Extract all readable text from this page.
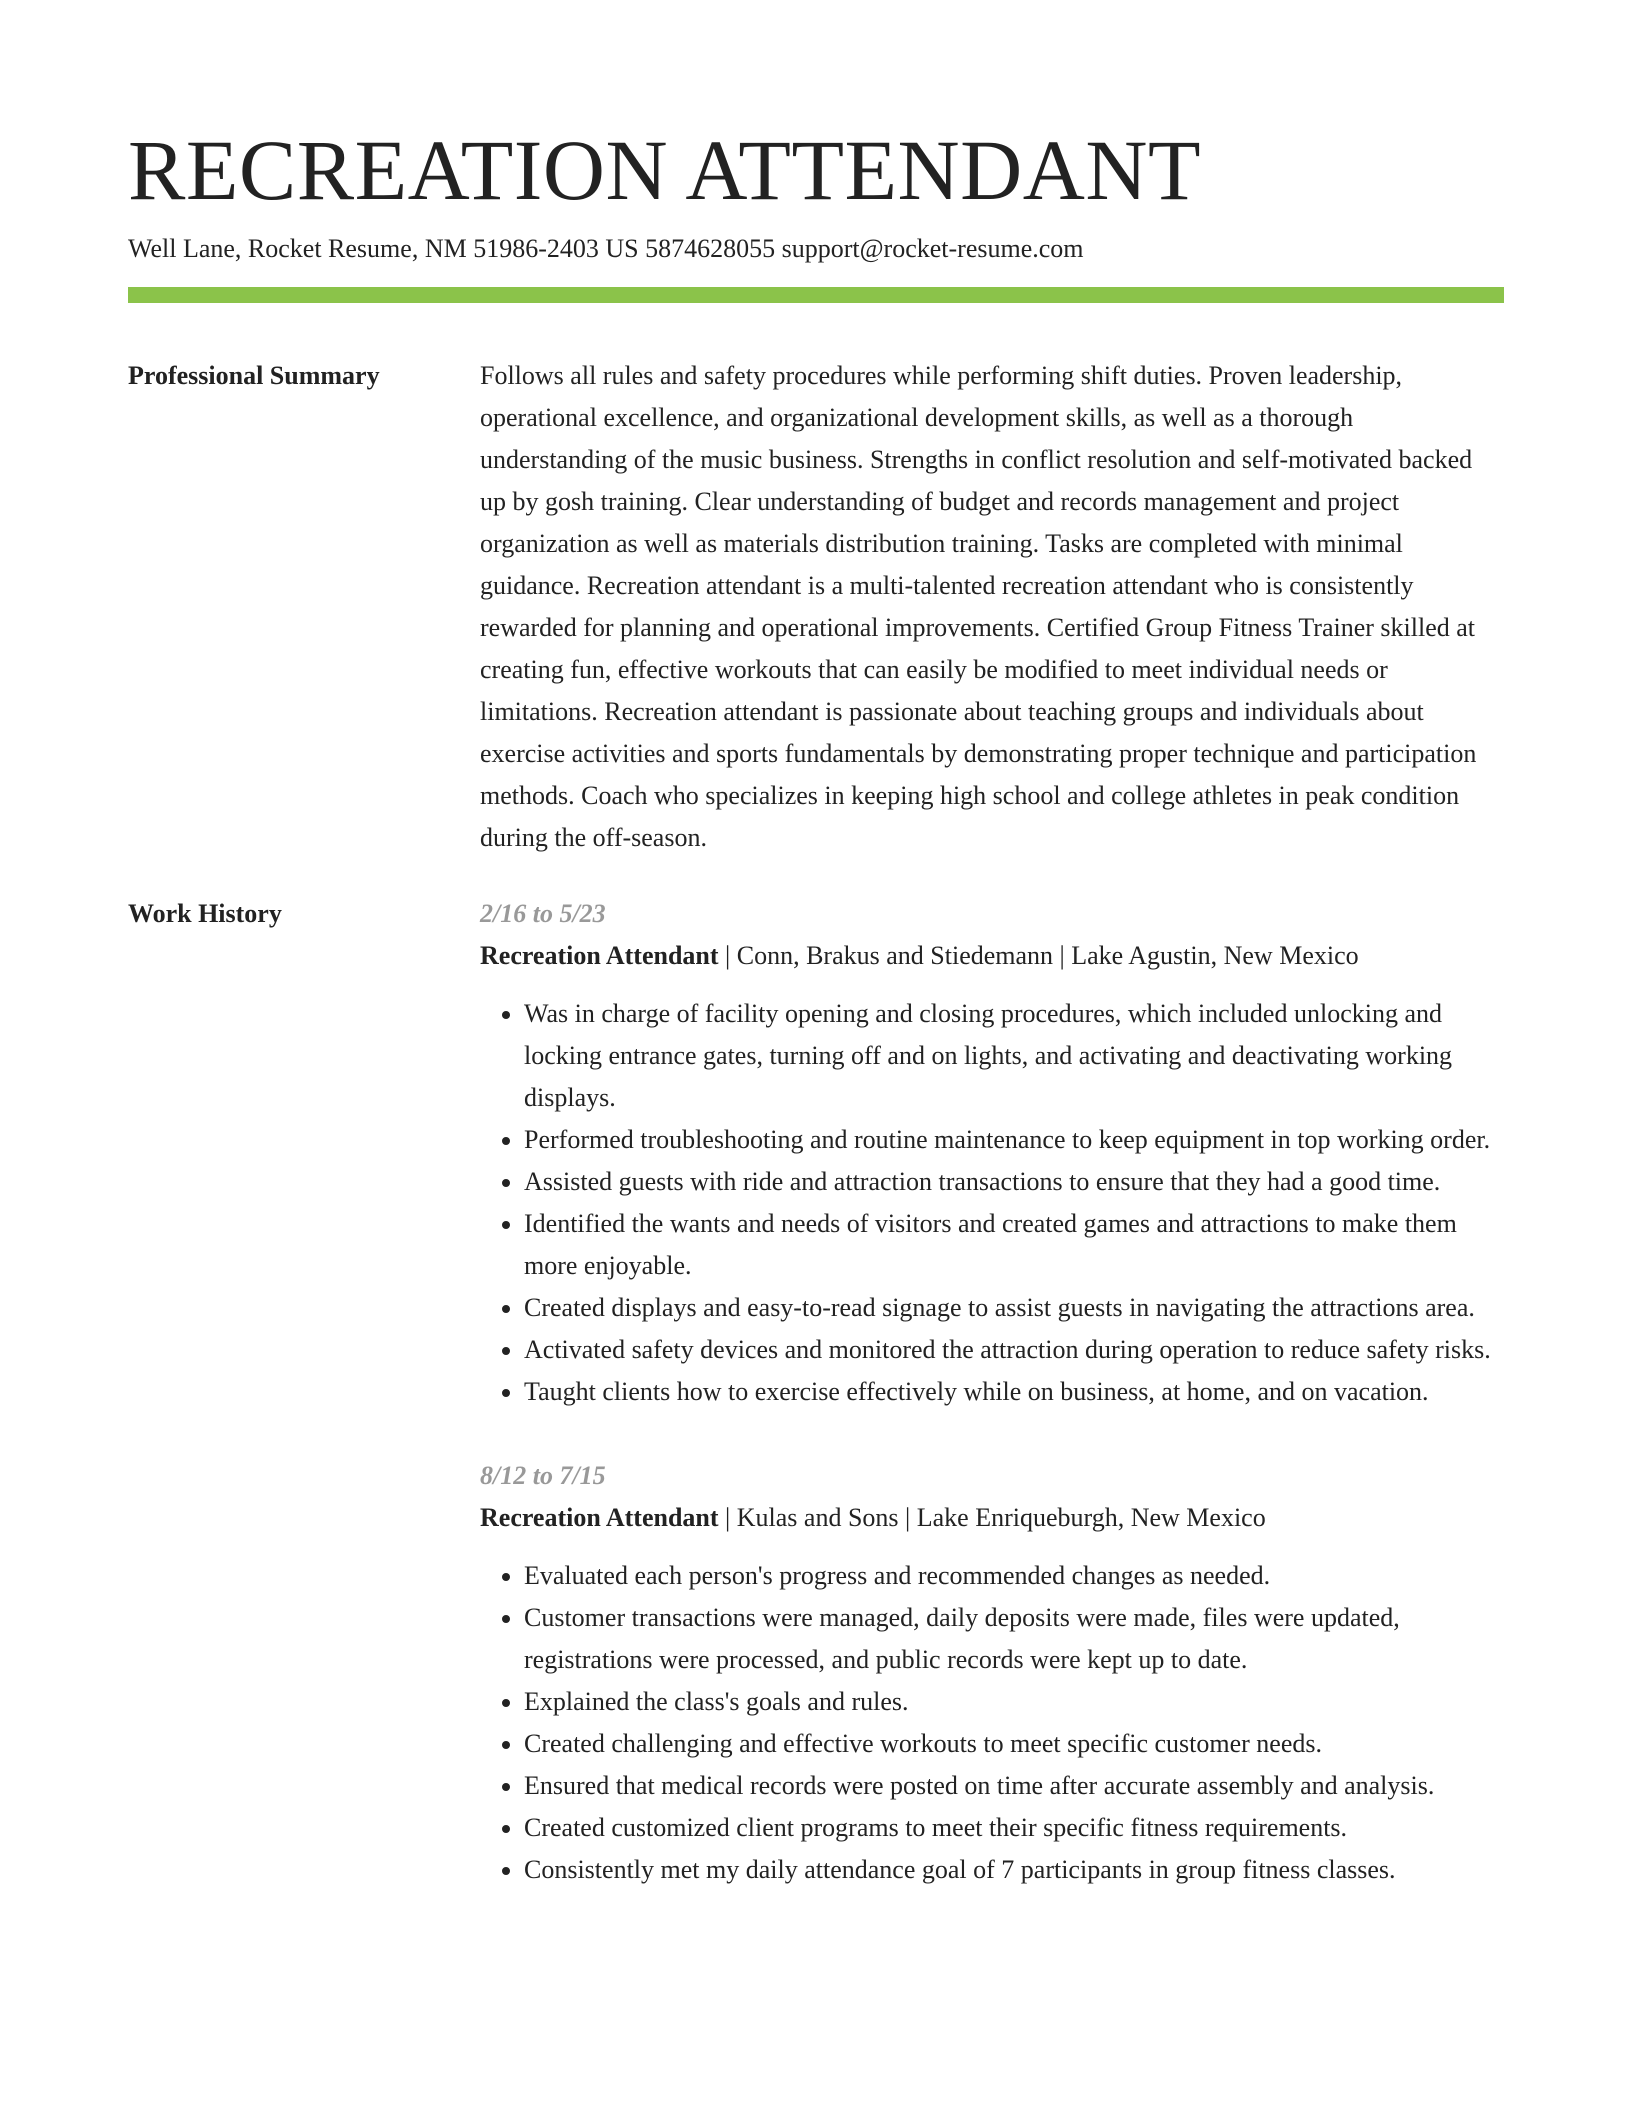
RECREATION ATTENDANT
Well Lane, Rocket Resume, NM 51986-2403 US 5874628055 support@rocket-resume.com
Professional Summary	Follows all rules and safety procedures while performing shift duties. Proven leadership, operational excellence, and organizational development skills, as well as a thorough understanding of the music business. Strengths in conflict resolution and self-motivated backed up by gosh training. Clear understanding of budget and records management and project organization as well as materials distribution training. Tasks are completed with minimal guidance. Recreation attendant is a multi-talented recreation attendant who is consistently rewarded for planning and operational improvements. Certified Group Fitness Trainer skilled at creating fun, effective workouts that can easily be modified to meet individual needs or limitations. Recreation attendant is passionate about teaching groups and individuals about exercise activities and sports fundamentals by demonstrating proper technique and participation methods. Coach who specializes in keeping high school and college athletes in peak condition during the off-season.

Work History	2/16 to 5/23
Recreation Attendant | Conn, Brakus and Stiedemann | Lake Agustin, New Mexico
• Was in charge of facility opening and closing procedures, which included unlocking and locking entrance gates, turning off and on lights, and activating and deactivating working displays.
• Performed troubleshooting and routine maintenance to keep equipment in top working order.
• Assisted guests with ride and attraction transactions to ensure that they had a good time.
• Identified the wants and needs of visitors and created games and attractions to make them more enjoyable.
• Created displays and easy-to-read signage to assist guests in navigating the attractions area.
• Activated safety devices and monitored the attraction during operation to reduce safety risks.
• Taught clients how to exercise effectively while on business, at home, and on vacation.
8/12 to 7/15
Recreation Attendant | Kulas and Sons | Lake Enriqueburgh, New Mexico
• Evaluated each person's progress and recommended changes as needed.
• Customer transactions were managed, daily deposits were made, files were updated, registrations were processed, and public records were kept up to date.
• Explained the class's goals and rules.
• Created challenging and effective workouts to meet specific customer needs.
• Ensured that medical records were posted on time after accurate assembly and analysis.
• Created customized client programs to meet their specific fitness requirements.
• Consistently met my daily attendance goal of 7 participants in group fitness classes.
